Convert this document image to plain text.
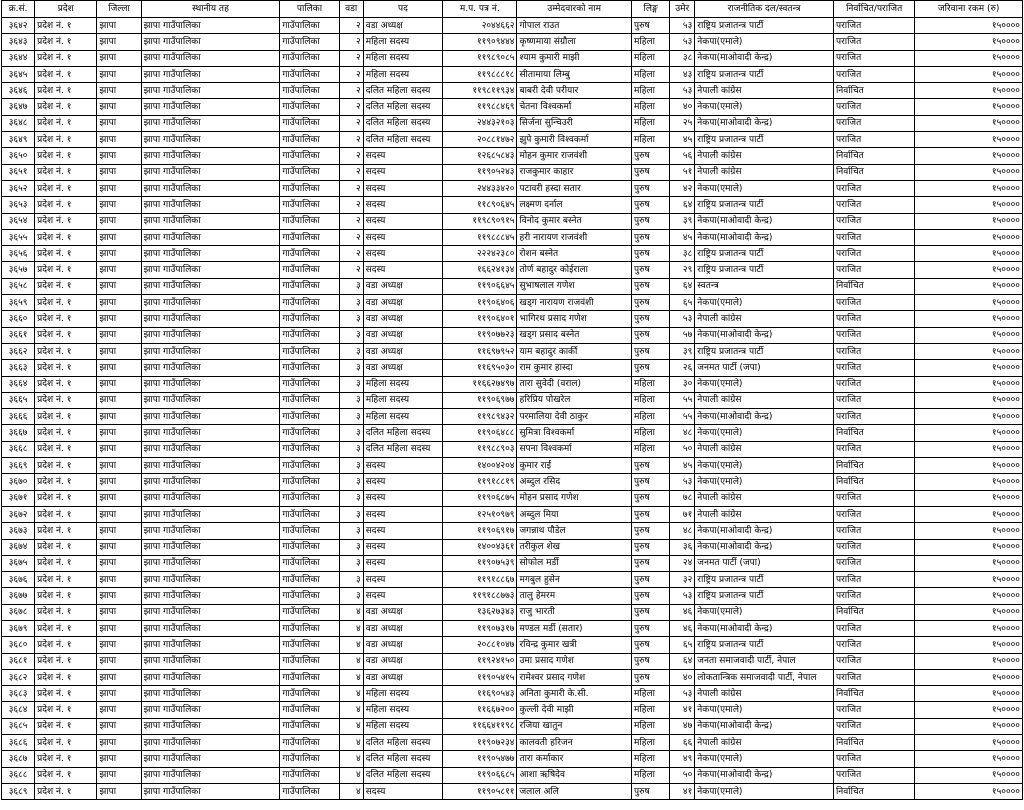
क्र.सं.	प्रदेश	जिल्ला	स्थानीय तह	पालिका	वडा	पद	म.प. पत्र नं.	उम्मेदवारको नाम	लिङ्ग	उमेर	राजनीतिक दल/स्वतन्त्र	निर्वाचित/पराजित	जरिवाना रकम (रु)
३६४२	प्रदेश नं. १	झापा	झापा गाउँपालिका	गाउँपालिका	२	वडा अध्यक्ष	२०४४६६२	गोपाल राउत	पुरुष	५३	राष्ट्रिय प्रजातन्त्र पार्टी	पराजित	१५००००
३६४३	प्रदेश नं. १	झापा	झापा गाउँपालिका	गाउँपालिका	२	महिला सदस्य	११९०९४४४	कृष्णमाया संग्रौला	महिला	५३	नेकपा(एमाले)	पराजित	१५००००
३६४४	प्रदेश नं. १	झापा	झापा गाउँपालिका	गाउँपालिका	२	महिला सदस्य	११९८९०८५	श्याम कुमारी माझी	महिला	३८	नेकपा(माओवादी केन्द्र)	पराजित	१५००००
३६४५	प्रदेश नं. १	झापा	झापा गाउँपालिका	गाउँपालिका	२	महिला सदस्य	११९८८८१८	सीतामाया लिम्बु	महिला	४३	राष्ट्रिय प्रजातन्त्र पार्टी	पराजित	१५००००
३६४६	प्रदेश नं. १	झापा	झापा गाउँपालिका	गाउँपालिका	२	दलित महिला सदस्य	११९८११९३४	बाबरी देवी परीयार	महिला	५३	नेपाली कांग्रेस	निर्वाचित	१५००००
३६४७	प्रदेश नं. १	झापा	झापा गाउँपालिका	गाउँपालिका	२	दलित महिला सदस्य	११९८८४६९	चेतना विश्वकर्मा	महिला	४०	नेकपा(एमाले)	पराजित	१५००००
३६४८	प्रदेश नं. १	झापा	झापा गाउँपालिका	गाउँपालिका	२	दलित महिला सदस्य	२४४३२१०३	सिर्जना सुन्चिउरी	महिला	२५	नेकपा(माओवादी केन्द्र)	पराजित	१५००००
३६४९	प्रदेश नं. १	झापा	झापा गाउँपालिका	गाउँपालिका	२	दलित महिला सदस्य	२०८८१४७२	झुपे कुमारी विश्वकर्मा	महिला	४५	राष्ट्रिय प्रजातन्त्र पार्टी	पराजित	१५००००
३६५०	प्रदेश नं. १	झापा	झापा गाउँपालिका	गाउँपालिका	२	सदस्य	१२६८५८४३	मोहन कुमार राजवंशी	पुरुष	५६	नेपाली कांग्रेस	निर्वाचित	१५००००
३६५१	प्रदेश नं. १	झापा	झापा गाउँपालिका	गाउँपालिका	२	सदस्य	११९०५२४३	राजकुमार काहार	पुरुष	५१	नेपाली कांग्रेस	निर्वाचित	१५००००
३६५२	प्रदेश नं. १	झापा	झापा गाउँपालिका	गाउँपालिका	२	सदस्य	२४४३३४२०	पटावरी हस्दा सतार	पुरुष	४२	नेकपा(एमाले)	पराजित	१५००००
३६५३	प्रदेश नं. १	झापा	झापा गाउँपालिका	गाउँपालिका	२	सदस्य	११८९०६४५	लक्ष्मण दर्नाल	पुरुष	६४	राष्ट्रिय प्रजातन्त्र पार्टी	पराजित	१५००००
३६५४	प्रदेश नं. १	झापा	झापा गाउँपालिका	गाउँपालिका	२	सदस्य	११९८९०९१५	विनोद कुमार बस्नेत	पुरुष	३९	नेकपा(माओवादी केन्द्र)	पराजित	१५००००
३६५५	प्रदेश नं. १	झापा	झापा गाउँपालिका	गाउँपालिका	२	सदस्य	११९८८८४५	हरी नारायण राजवंशी	पुरुष	४५	नेकपा(माओवादी केन्द्र)	पराजित	१५००००
३६५६	प्रदेश नं. १	झापा	झापा गाउँपालिका	गाउँपालिका	२	सदस्य	२२२४२३८०	रोशन बस्नेत	पुरुष	३८	राष्ट्रिय प्रजातन्त्र पार्टी	पराजित	१५००००
३६५७	प्रदेश नं. १	झापा	झापा गाउँपालिका	गाउँपालिका	२	सदस्य	१६६२४१३४	तोर्ण बहादुर कोईराला	पुरुष	२९	राष्ट्रिय प्रजातन्त्र पार्टी	पराजित	१५००००
३६५८	प्रदेश नं. १	झापा	झापा गाउँपालिका	गाउँपालिका	३	वडा अध्यक्ष	११९०६६४५	सुभाषलाल गणेश	पुरुष	६४	स्वतन्त्र	निर्वाचित	१५००००
३६५९	प्रदेश नं. १	झापा	झापा गाउँपालिका	गाउँपालिका	३	वडा अध्यक्ष	११९०६४०६	खड्ग नारायण राजवंशी	पुरुष	६५	नेकपा(एमाले)	पराजित	१५००००
३६६०	प्रदेश नं. १	झापा	झापा गाउँपालिका	गाउँपालिका	३	वडा अध्यक्ष	११९०६४०१	भागिरथ प्रसाद गणेश	पुरुष	५३	नेपाली कांग्रेस	पराजित	१५००००
३६६१	प्रदेश नं. १	झापा	झापा गाउँपालिका	गाउँपालिका	३	वडा अध्यक्ष	११९०७७२३	खड्ग प्रसाद बस्नेत	पुरुष	५७	नेकपा(माओवादी केन्द्र)	पराजित	१५००००
३६६२	प्रदेश नं. १	झापा	झापा गाउँपालिका	गाउँपालिका	३	वडा अध्यक्ष	११६९७९५२	याम बहादुर कार्की	पुरुष	३९	राष्ट्रिय प्रजातन्त्र पार्टी	पराजित	१५००००
३६६३	प्रदेश नं. १	झापा	झापा गाउँपालिका	गाउँपालिका	३	वडा अध्यक्ष	११६९५०३०	राम कुमार हास्दा	पुरुष	२६	जनमत पार्टी (जपा)	पराजित	१५००००
३६६४	प्रदेश नं. १	झापा	झापा गाउँपालिका	गाउँपालिका	३	महिला सदस्य	११६६२७४९७	तारा सुवेदी (वराल)	महिला	३०	नेकपा(एमाले)	पराजित	१५००००
३६६५	प्रदेश नं. १	झापा	झापा गाउँपालिका	गाउँपालिका	३	महिला सदस्य	११९०६९७७	हरिप्रिय पोखरेल	महिला	५५	नेपाली कांग्रेस	पराजित	१५००००
३६६६	प्रदेश नं. १	झापा	झापा गाउँपालिका	गाउँपालिका	३	महिला सदस्य	११९८९४३२	परमालिया देवी ठाकुर	महिला	५५	नेकपा(माओवादी केन्द्र)	पराजित	१५००००
३६६७	प्रदेश नं. १	झापा	झापा गाउँपालिका	गाउँपालिका	३	दलित महिला सदस्य	११९०६४८८	सुमित्रा विश्वकर्मा	महिला	४८	नेकपा(एमाले)	निर्वाचित	१५००००
३६६८	प्रदेश नं. १	झापा	झापा गाउँपालिका	गाउँपालिका	३	दलित महिला सदस्य	११९८८९०३	सपना विश्वकर्मा	महिला	५०	नेपाली कांग्रेस	पराजित	१५००००
३६६९	प्रदेश नं. १	झापा	झापा गाउँपालिका	गाउँपालिका	३	सदस्य	१४००४२०४	कुमार राई	पुरुष	४५	नेकपा(एमाले)	निर्वाचित	१५००००
३६७०	प्रदेश नं. १	झापा	झापा गाउँपालिका	गाउँपालिका	३	सदस्य	११९१८८१९	अब्दुल रसिद	पुरुष	५३	नेकपा(एमाले)	निर्वाचित	१५००००
३६७१	प्रदेश नं. १	झापा	झापा गाउँपालिका	गाउँपालिका	३	सदस्य	११९०६८७५	मोहन प्रसाद गणेश	पुरुष	७८	नेपाली कांग्रेस	पराजित	१५००००
३६७२	प्रदेश नं. १	झापा	झापा गाउँपालिका	गाउँपालिका	३	सदस्य	१२५१०९७९	अब्दुल मिया	पुरुष	७१	नेपाली कांग्रेस	पराजित	१५००००
३६७३	प्रदेश नं. १	झापा	झापा गाउँपालिका	गाउँपालिका	३	सदस्य	११९०६९१७	जगन्नाथ पौडेल	पुरुष	४८	नेकपा(माओवादी केन्द्र)	पराजित	१५००००
३६७४	प्रदेश नं. १	झापा	झापा गाउँपालिका	गाउँपालिका	३	सदस्य	१४००४३६१	तरीकुल शेख	पुरुष	३६	नेकपा(माओवादी केन्द्र)	पराजित	१५००००
३६७५	प्रदेश नं. १	झापा	झापा गाउँपालिका	गाउँपालिका	३	सदस्य	११९०७५३९	सोफोल मर्डी	पुरुष	२४	जनमत पार्टी (जपा)	पराजित	१५००००
३६७६	प्रदेश नं. १	झापा	झापा गाउँपालिका	गाउँपालिका	३	सदस्य	११९१८८६७	मगबुल हुसेन	पुरुष	३२	राष्ट्रिय प्रजातन्त्र पार्टी	पराजित	१५००००
३६७७	प्रदेश नं. १	झापा	झापा गाउँपालिका	गाउँपालिका	३	सदस्य	११९१८८७७३	तालु हेमरम	पुरुष	५३	राष्ट्रिय प्रजातन्त्र पार्टी	पराजित	१५००००
३६७८	प्रदेश नं. १	झापा	झापा गाउँपालिका	गाउँपालिका	४	वडा अध्यक्ष	१३६२७३४३	राजु भारती	पुरुष	४६	नेकपा(एमाले)	निर्वाचित	१५००००
३६७९	प्रदेश नं. १	झापा	झापा गाउँपालिका	गाउँपालिका	४	वडा अध्यक्ष	११९०७३१७	मण्डल मर्डी (सतार)	पुरुष	४६	नेकपा(माओवादी केन्द्र)	पराजित	१५००००
३६८०	प्रदेश नं. १	झापा	झापा गाउँपालिका	गाउँपालिका	४	वडा अध्यक्ष	२०८८१०४७	रविन्द्र कुमार खत्री	पुरुष	६५	राष्ट्रिय प्रजातन्त्र पार्टी	पराजित	१५००००
३६८१	प्रदेश नं. १	झापा	झापा गाउँपालिका	गाउँपालिका	४	वडा अध्यक्ष	११९२४१५०	उमा प्रसाद गणेश	पुरुष	६४	जनता समाजवादी पार्टी, नेपाल	पराजित	१५००००
३६८२	प्रदेश नं. १	झापा	झापा गाउँपालिका	गाउँपालिका	४	वडा अध्यक्ष	११९०५४१५	रामेश्वर प्रसाद गणेश	पुरुष	४०	लोकतान्त्रिक समाजवादी पार्टी, नेपाल	पराजित	१५००००
३६८३	प्रदेश नं. १	झापा	झापा गाउँपालिका	गाउँपालिका	४	महिला सदस्य	११६९०५४३	अनिता कुमारी के.सी.	महिला	५३	नेपाली कांग्रेस	निर्वाचित	१५००००
३६८४	प्रदेश नं. १	झापा	झापा गाउँपालिका	गाउँपालिका	४	महिला सदस्य	११६६७२००	कुल्ली देवी माझी	महिला	४१	नेकपा(एमाले)	पराजित	१५००००
३६८५	प्रदेश नं. १	झापा	झापा गाउँपालिका	गाउँपालिका	४	महिला सदस्य	११६६४११९८	रजिया खातुन	महिला	४७	नेकपा(माओवादी केन्द्र)	पराजित	१५००००
३६८६	प्रदेश नं. १	झापा	झापा गाउँपालिका	गाउँपालिका	४	दलित महिला सदस्य	११९०७२३४	कालवती हरिजन	महिला	६६	नेपाली कांग्रेस	निर्वाचित	१५००००
३६८७	प्रदेश नं. १	झापा	झापा गाउँपालिका	गाउँपालिका	४	दलित महिला सदस्य	११९०५४७७	तारा कर्माकार	महिला	४९	नेकपा(एमाले)	पराजित	१५००००
३६८८	प्रदेश नं. १	झापा	झापा गाउँपालिका	गाउँपालिका	४	दलित महिला सदस्य	११९०६६८५	आशा ऋषिदेव	महिला	५०	नेकपा(माओवादी केन्द्र)	पराजित	१५००००
३६८९	प्रदेश नं. १	झापा	झापा गाउँपालिका	गाउँपालिका	४	सदस्य	११९०५८११	जलाल अलि	पुरुष	४१	नेकपा(एमाले)	निर्वाचित	१५००००
